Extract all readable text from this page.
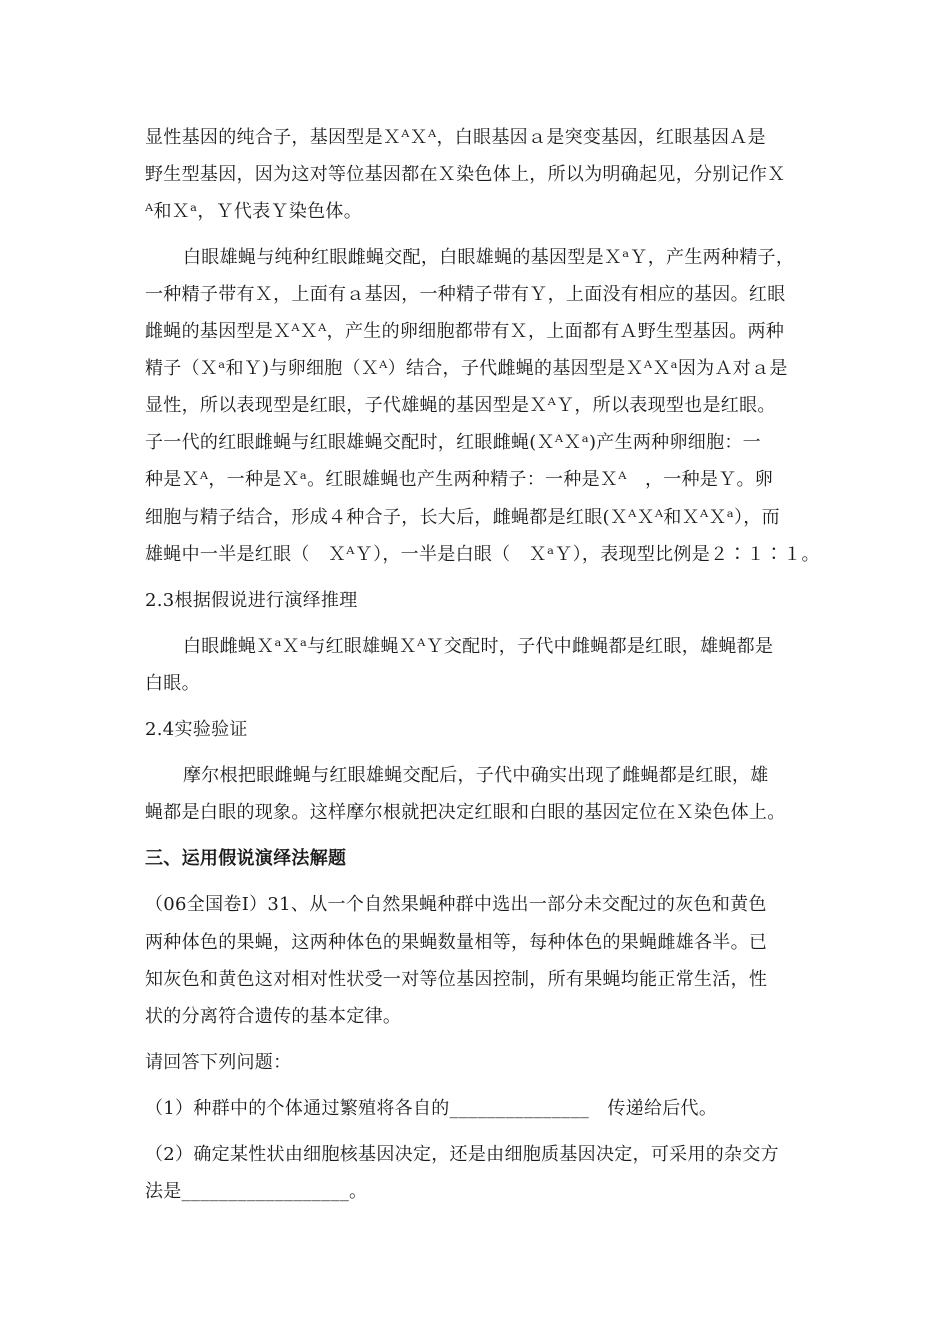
显性基因的纯合子，基因型是ＸᴬＸᴬ，白眼基因ａ是突变基因，红眼基因Ａ是
野生型基因，因为这对等位基因都在Ｘ染色体上，所以为明确起见，分别记作Ｘ
ᴬ和Ｘᵃ，Ｙ代表Ｙ染色体。
白眼雄蝇与纯种红眼雌蝇交配，白眼雄蝇的基因型是ＸᵃＹ，产生两种精子，
一种精子带有Ｘ，上面有ａ基因，一种精子带有Ｙ，上面没有相应的基因。红眼
雌蝇的基因型是ＸᴬＸᴬ，产生的卵细胞都带有Ｘ，上面都有Ａ野生型基因。两种
精子（Ｘᵃ和Ｙ)与卵细胞（Ｘᴬ）结合，子代雌蝇的基因型是ＸᴬＸᵃ因为Ａ对ａ是
显性，所以表现型是红眼，子代雄蝇的基因型是ＸᴬＹ，所以表现型也是红眼。
子一代的红眼雌蝇与红眼雄蝇交配时，红眼雌蝇(ＸᴬＸᵃ)产生两种卵细胞：一
种是Ｘᴬ，一种是Ｘᵃ。红眼雄蝇也产生两种精子：一种是Ｘᴬ　，一种是Ｙ。卵
细胞与精子结合，形成４种合子，长大后，雌蝇都是红眼(ＸᴬＸᴬ和ＸᴬＸᵃ），而
雄蝇中一半是红眼（　ＸᴬＹ），一半是白眼（　ＸᵃＹ），表现型比例是２∶１∶１。
2.3根据假说进行演绎推理
白眼雌蝇ＸᵃＸᵃ与红眼雄蝇ＸᴬＹ交配时，子代中雌蝇都是红眼，雄蝇都是
白眼。
2.4实验验证
摩尔根把眼雌蝇与红眼雄蝇交配后，子代中确实出现了雌蝇都是红眼，雄
蝇都是白眼的现象。这样摩尔根就把决定红眼和白眼的基因定位在Ｘ染色体上。
三、运用假说演绎法解题
（06全国卷Ⅰ）31、从一个自然果蝇种群中选出一部分未交配过的灰色和黄色
两种体色的果蝇，这两种体色的果蝇数量相等，每种体色的果蝇雌雄各半。已
知灰色和黄色这对相对性状受一对等位基因控制，所有果蝇均能正常生活，性
状的分离符合遗传的基本定律。
请回答下列问题：
（1）种群中的个体通过繁殖将各自的_______________　传递给后代。
（2）确定某性状由细胞核基因决定，还是由细胞质基因决定，可采用的杂交方
法是__________________。
